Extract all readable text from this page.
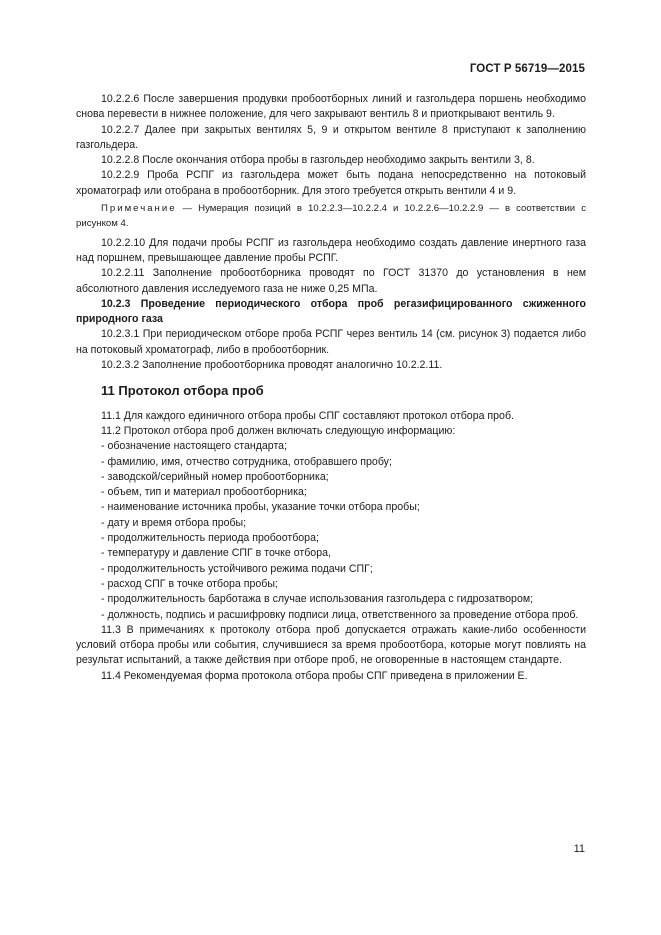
ГОСТ Р 56719—2015

10.2.2.6 После завершения продувки пробоотборных линий и газгольдера поршень необходимо снова перевести в нижнее положение, для чего закрывают вентиль 8 и приоткрывают вентиль 9.

10.2.2.7 Далее при закрытых вентилях 5, 9 и открытом вентиле 8 приступают к заполнению газгольдера.

10.2.2.8 После окончания отбора пробы в газгольдер необходимо закрыть вентили 3, 8.

10.2.2.9 Проба РСПГ из газгольдера может быть подана непосредственно на потоковый хроматограф или отобрана в пробоотборник. Для этого требуется открыть вентили 4 и 9.

Примечание — Нумерация позиций в 10.2.2.3—10.2.2.4 и 10.2.2.6—10.2.2.9 — в соответствии с рисунком 4.

10.2.2.10 Для подачи пробы РСПГ из газгольдера необходимо создать давление инертного газа над поршнем, превышающее давление пробы РСПГ.

10.2.2.11 Заполнение пробоотборника проводят по ГОСТ 31370 до установления в нем абсолютного давления исследуемого газа не ниже 0,25 МПа.

10.2.3 Проведение периодического отбора проб регазифицированного сжиженного природного газа

10.2.3.1 При периодическом отборе проба РСПГ через вентиль 14 (см. рисунок 3) подается либо на потоковый хроматограф, либо в пробоотборник.

10.2.3.2 Заполнение пробоотборника проводят аналогично 10.2.2.11.

11 Протокол отбора проб

11.1 Для каждого единичного отбора пробы СПГ составляют протокол отбора проб.

11.2 Протокол отбора проб должен включать следующую информацию:

- обозначение настоящего стандарта;

- фамилию, имя, отчество сотрудника, отобравшего пробу;

- заводской/серийный номер пробоотборника;

- объем, тип и материал пробоотборника;

- наименование источника пробы, указание точки отбора пробы;

- дату и время отбора пробы;

- продолжительность периода пробоотбора;

- температуру и давление СПГ в точке отбора,

- продолжительность устойчивого режима подачи СПГ;

- расход СПГ в точке отбора пробы;

- продолжительность барботажа в случае использования газгольдера с гидрозатвором;

- должность, подпись и расшифровку подписи лица, ответственного за проведение отбора проб.

11.3 В примечаниях к протоколу отбора проб допускается отражать какие-либо особенности условий отбора пробы или события, случившиеся за время пробоотбора, которые могут повлиять на результат испытаний, а также действия при отборе проб, не оговоренные в настоящем стандарте.

11.4 Рекомендуемая форма протокола отбора пробы СПГ приведена в приложении Е.

11
